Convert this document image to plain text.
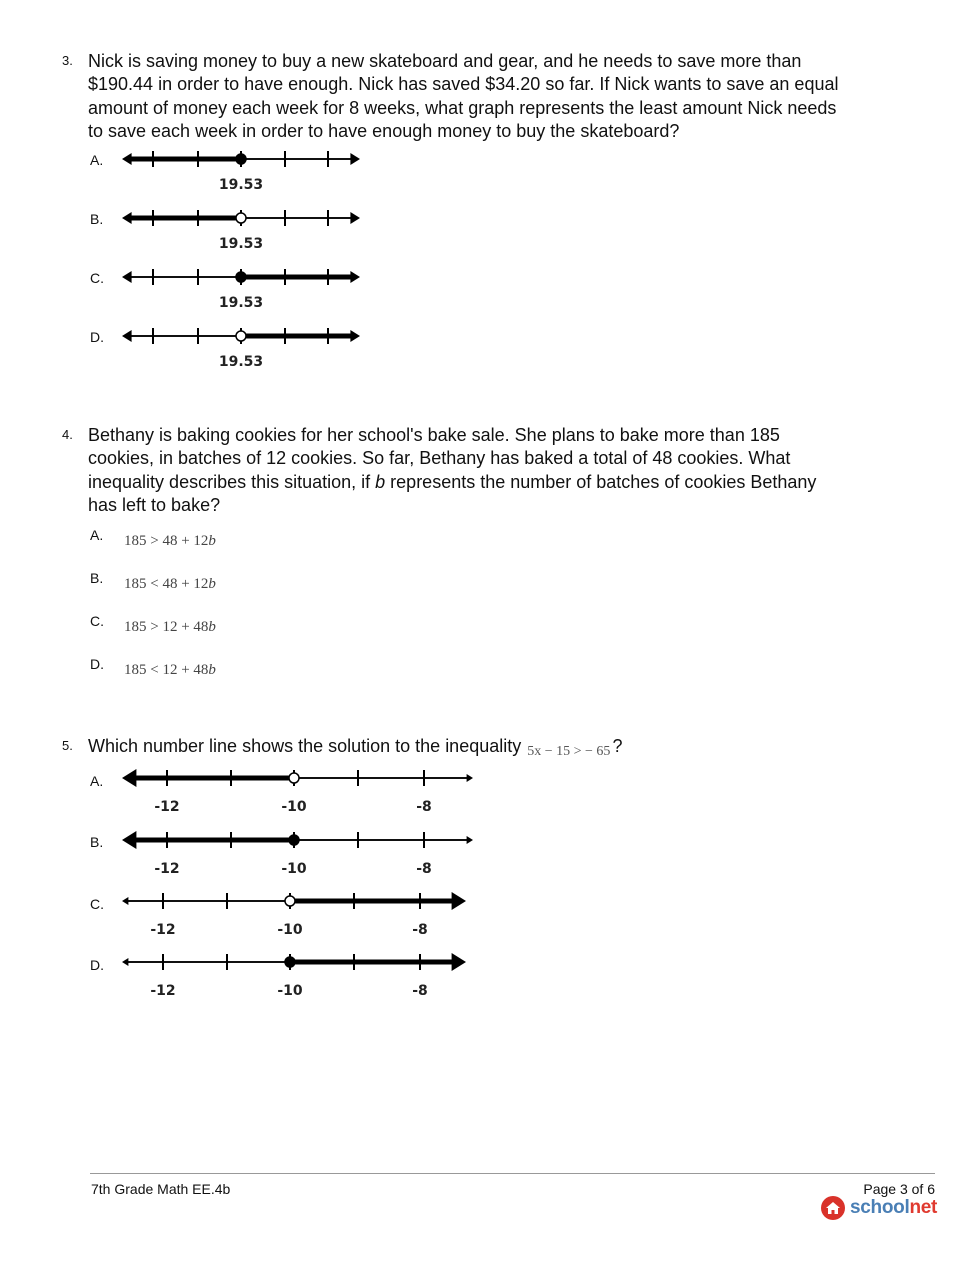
3. Nick is saving money to buy a new skateboard and gear, and he needs to save more than $190.44 in order to have enough. Nick has saved $34.20 so far. If Nick wants to save an equal amount of money each week for 8 weeks, what graph represents the least amount Nick needs to save each week in order to have enough money to buy the skateboard?
A.
B.
C.
D.
19.53
19.53
19.53
19.53
4. Bethany is baking cookies for her school's bake sale. She plans to bake more than 185 cookies, in batches of 12 cookies. So far, Bethany has baked a total of 48 cookies. What inequality describes this situation, if b represents the number of batches of cookies Bethany has left to bake?
A. 185 > 48 + 12b
B. 185 < 48 + 12b
C. 185 > 12 + 48b
D. 185 < 12 + 48b
5. Which number line shows the solution to the inequality 5x − 15 > − 65 ?
A.
B.
C.
D.
-12	-10	-8
-12	-10	-8
-12	-10	-8
-12	-10	-8
7th Grade Math EE.4b	Page 3 of 6
schoolnet
